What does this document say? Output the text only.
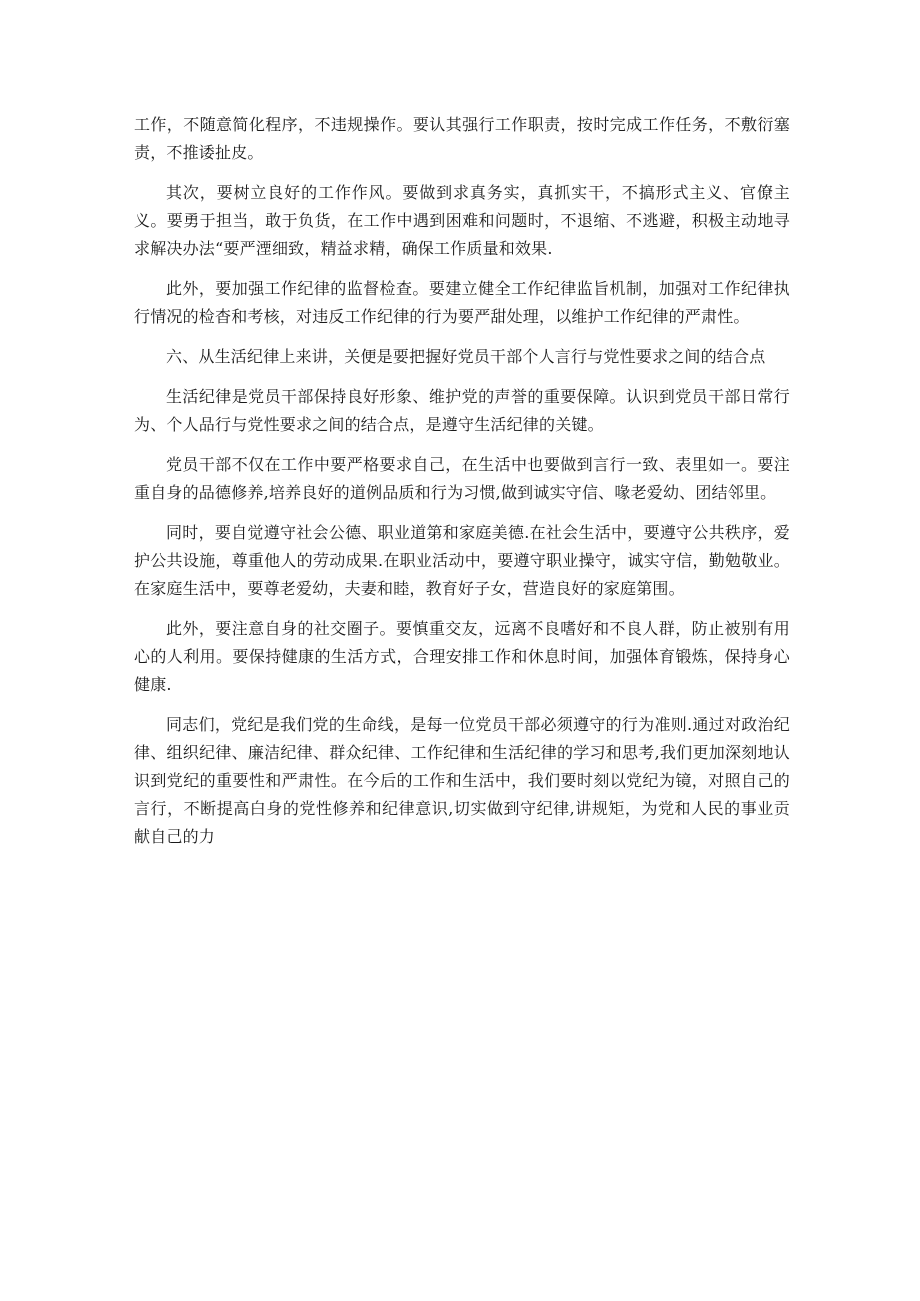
工作，不随意简化程序，不违规操作。要认其强行工作职责，按时完成工作任务，不敷衍塞责，不推诿扯皮。

其次，要树立良好的工作作风。要做到求真务实，真抓实干，不搞形式主义、官僚主义。要勇于担当，敢于负货，在工作中遇到困难和问题时，不退缩、不逃避，积极主动地寻求解决办法“要严湮细致，精益求精，确保工作质量和效果.

此外，要加强工作纪律的监督检查。要建立健全工作纪律监旨机制，加强对工作纪律执行情况的检杳和考核，对违反工作纪律的行为要严甜处理，以维护工作纪律的严肃性。

六、从生活纪律上来讲，关便是要把握好党员干部个人言行与党性要求之间的结合点

生活纪律是党员干部保持良好形象、维护党的声誉的重要保障。认识到党员干部日常行为、个人品行与党性要求之间的结合点，是遵守生活纪律的关键。

党员干部不仅在工作中要严格要求自己，在生活中也要做到言行一致、表里如一。要注重自身的品德修养,培养良好的道例品质和行为习惯,做到诚实守信、喙老爱幼、团结邻里。

同时，要自觉遵守社会公德、职业道第和家庭美德.在社会生活中，要遵守公共秩序，爱护公共设施，尊重他人的劳动成果.在职业活动中，要遵守职业操守，诚实守信，勤勉敬业。在家庭生活中，要尊老爱幼，夫妻和睦，教育好子女，营造良好的家庭第围。

此外，要注意自身的社交圈子。要慎重交友，远离不良嗜好和不良人群，防止被别有用心的人利用。要保持健康的生活方式，合理安排工作和休息时间，加强体育锻炼，保持身心健康.

同志们，党纪是我们党的生命线，是每一位党员干部必须遵守的行为准则.通过对政治纪律、组织纪律、廉洁纪律、群众纪律、工作纪律和生活纪律的学习和思考,我们更加深刻地认识到党纪的重要性和严肃性。在今后的工作和生活中，我们要时刻以党纪为镜，对照自己的言行，不断提高白身的党性修养和纪律意识,切实做到守纪律,讲规矩，为党和人民的事业贡献自己的力
